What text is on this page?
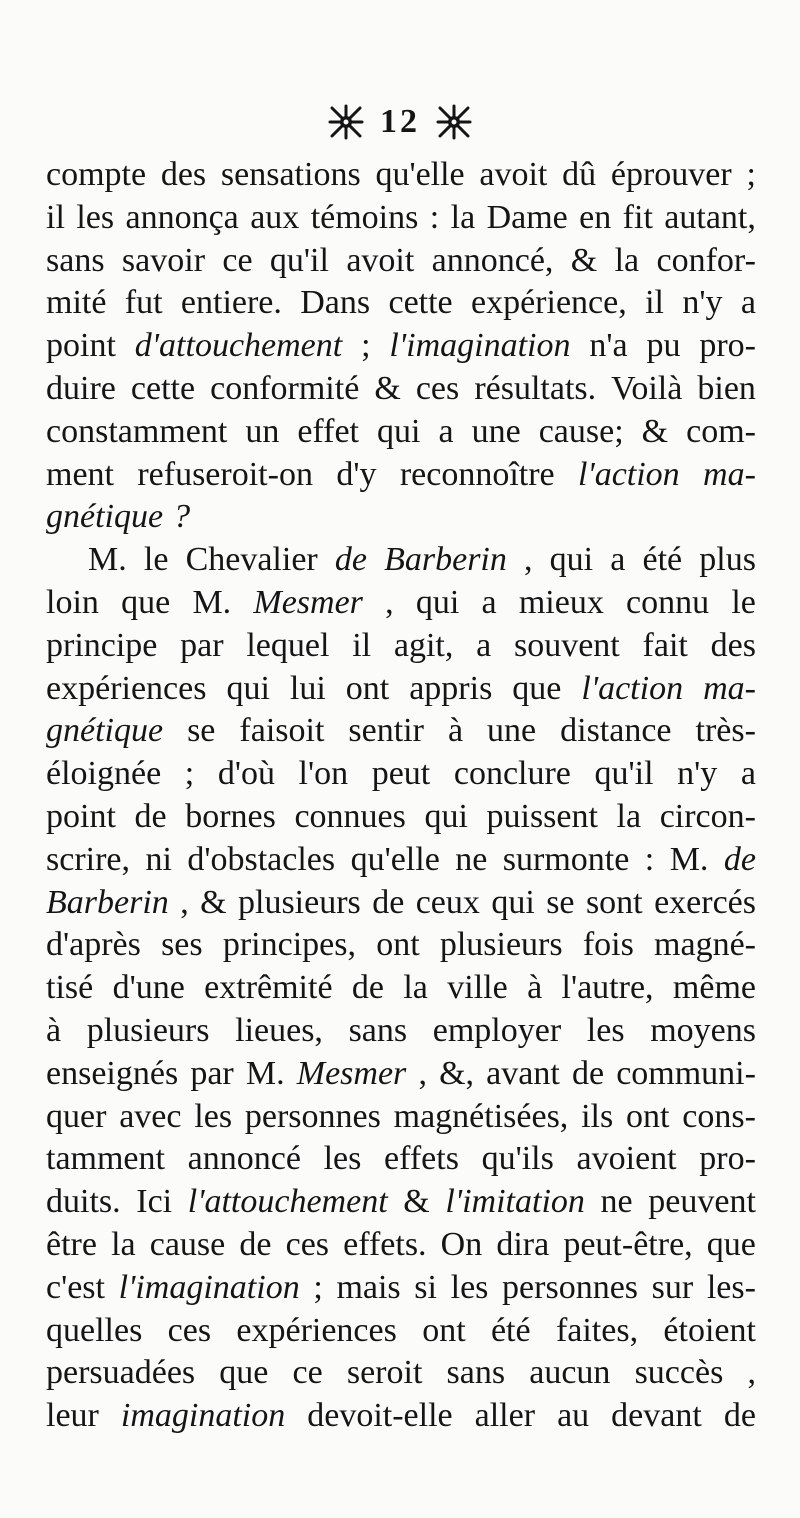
12
compte des sensations qu'elle avoit dû éprouver ;
il les annonça aux témoins : la Dame en fit autant,
sans savoir ce qu'il avoit annoncé, & la confor-
mité fut entiere. Dans cette expérience, il n'y a
point d'attouchement ; l'imagination n'a pu pro-
duire cette conformité & ces résultats. Voilà bien
constamment un effet qui a une cause; & com-
ment refuseroit-on d'y reconnoître l'action ma-
gnétique ?
M. le Chevalier de Barberin , qui a été plus
loin que M. Mesmer , qui a mieux connu le
principe par lequel il agit, a souvent fait des
expériences qui lui ont appris que l'action ma-
gnétique se faisoit sentir à une distance très-
éloignée ; d'où l'on peut conclure qu'il n'y a
point de bornes connues qui puissent la circon-
scrire, ni d'obstacles qu'elle ne surmonte : M. de
Barberin , & plusieurs de ceux qui se sont exercés
d'après ses principes, ont plusieurs fois magné-
tisé d'une extrêmité de la ville à l'autre, même
à plusieurs lieues, sans employer les moyens
enseignés par M. Mesmer , &, avant de communi-
quer avec les personnes magnétisées, ils ont cons-
tamment annoncé les effets qu'ils avoient pro-
duits. Ici l'attouchement & l'imitation ne peuvent
être la cause de ces effets. On dira peut-être, que
c'est l'imagination ; mais si les personnes sur les-
quelles ces expériences ont été faites, étoient
persuadées que ce seroit sans aucun succès ,
leur imagination devoit-elle aller au devant de
